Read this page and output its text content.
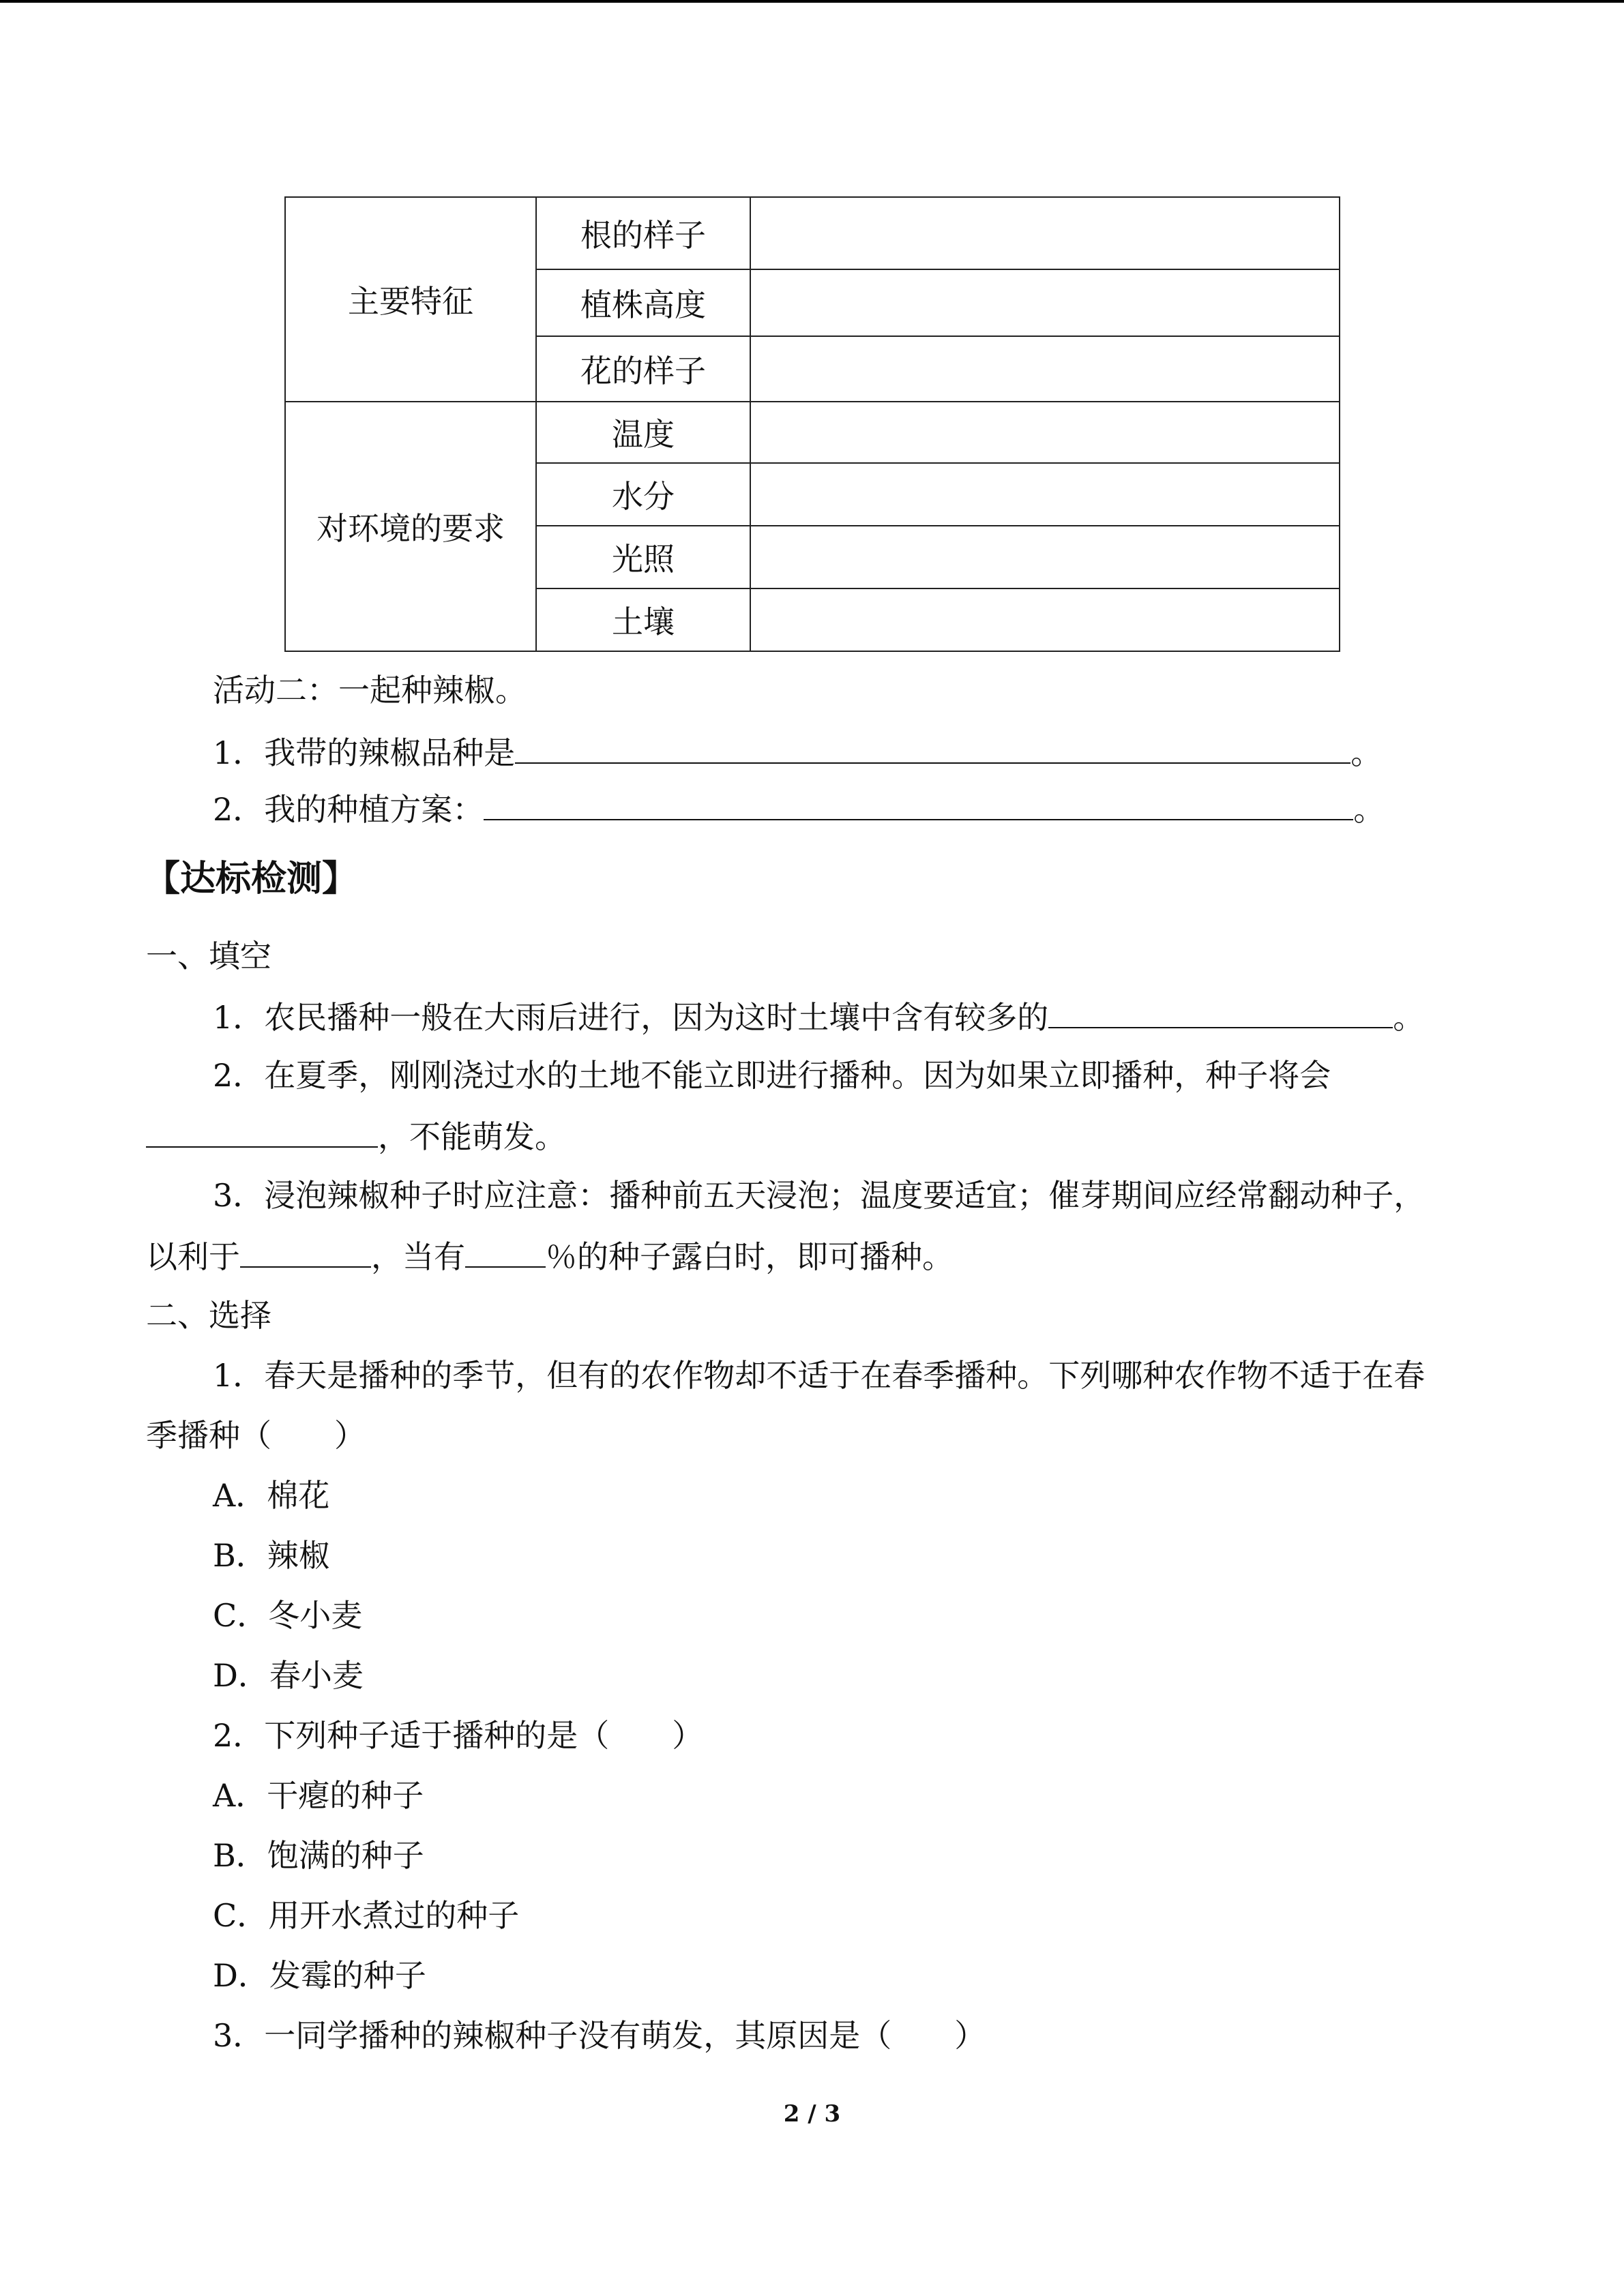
主要特征	根的样子	
	植株高度	
	花的样子	
对环境的要求	温度	
	水分	
	光照	
	土壤	
活动二：一起种辣椒。
1．我带的辣椒品种是	。
2．我的种植方案：	。
【达标检测】
一、填空
1．农民播种一般在大雨后进行，因为这时土壤中含有较多的	。
2．在夏季，刚刚浇过水的土地不能立即进行播种。因为如果立即播种，种子将会
，不能萌发。
3．浸泡辣椒种子时应注意：播种前五天浸泡；温度要适宜；催芽期间应经常翻动种子，
以利于	，当有	％的种子露白时，即可播种。
二、选择
1．春天是播种的季节，但有的农作物却不适于在春季播种。下列哪种农作物不适于在春
季播种（　　）
A．棉花
B．辣椒
C．冬小麦
D．春小麦
2．下列种子适于播种的是（　　）
A．干瘪的种子
B．饱满的种子
C．用开水煮过的种子
D．发霉的种子
3．一同学播种的辣椒种子没有萌发，其原因是（　　）
2 / 3
